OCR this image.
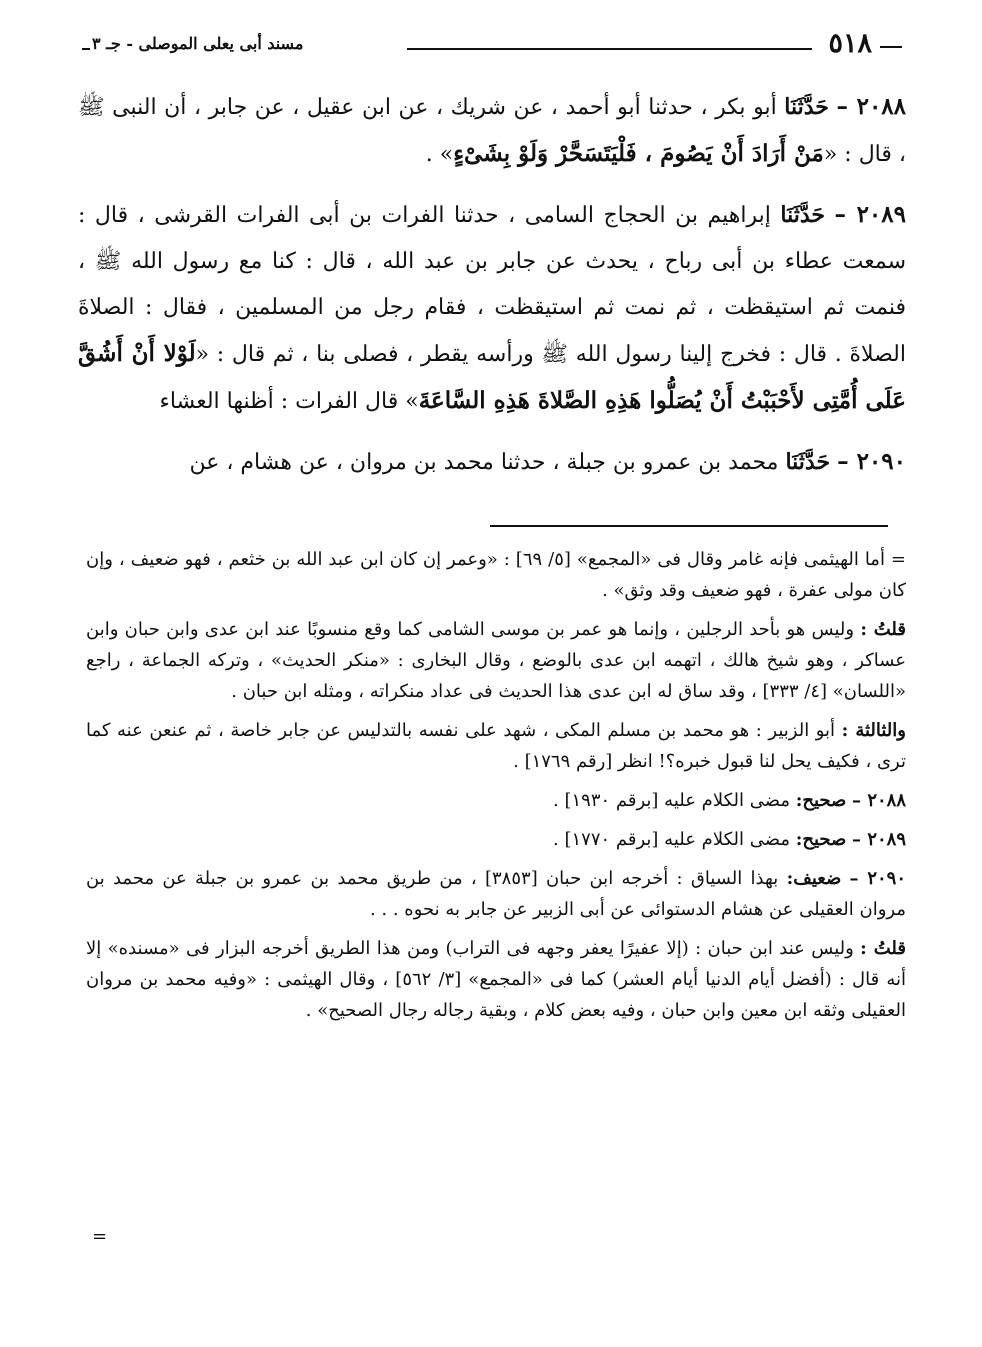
٥١٨
مسند أبى يعلى الموصلى - جـ ٣

٢٠٨٨ – حَدَّثَنَا أبو بكر ، حدثنا أبو أحمد ، عن شريك ، عن ابن عقيل ، عن جابر ، أن النبى ﷺ ، قال : «مَنْ أَرَادَ أَنْ يَصُومَ ، فَلْيَتَسَحَّرْ وَلَوْ بِشَىْءٍ» .

٢٠٨٩ – حَدَّثَنَا إبراهيم بن الحجاج السامى ، حدثنا الفرات بن أبى الفرات القرشى ، قال : سمعت عطاء بن أبى رباح ، يحدث عن جابر بن عبد الله ، قال : كنا مع رسول الله ﷺ ، فنمت ثم استيقظت ، ثم نمت ثم استيقظت ، فقام رجل من المسلمين ، فقال : الصلاةَ الصلاةَ . قال : فخرج إلينا رسول الله ﷺ ورأسه يقطر ، فصلى بنا ، ثم قال : «لَوْلا أَنْ أَشُقَّ عَلَى أُمَّتِى لأَحْبَبْتُ أَنْ يُصَلُّوا هَذِهِ الصَّلاةَ هَذِهِ السَّاعَةَ» قال الفرات : أظنها العشاء

٢٠٩٠ – حَدَّثَنَا محمد بن عمرو بن جبلة ، حدثنا محمد بن مروان ، عن هشام ، عن

= أما الهيثمى فإنه غامر وقال فى «المجمع» [٥/ ٦٩] : «وعمر إن كان ابن عبد الله بن خثعم ، فهو ضعيف ، وإن كان مولى عفرة ، فهو ضعيف وقد وثق» .

قلتُ : وليس هو بأحد الرجلين ، وإنما هو عمر بن موسى الشامى كما وقع منسوبًا عند ابن عدى وابن حبان وابن عساكر ، وهو شيخ هالك ، اتهمه ابن عدى بالوضع ، وقال البخارى : «منكر الحديث» ، وتركه الجماعة ، راجع «اللسان» [٤/ ٣٣٣] ، وقد ساق له ابن عدى هذا الحديث فى عداد منكراته ، ومثله ابن حبان .

والثالثة : أبو الزبير : هو محمد بن مسلم المكى ، شهد على نفسه بالتدليس عن جابر خاصة ، ثم عنعن عنه كما ترى ، فكيف يحل لنا قبول خبره؟! انظر [رقم ١٧٦٩] .

٢٠٨٨ – صحيح: مضى الكلام عليه [برقم ١٩٣٠] .

٢٠٨٩ – صحيح: مضى الكلام عليه [برقم ١٧٧٠] .

٢٠٩٠ – ضعيف: بهذا السياق : أخرجه ابن حبان [٣٨٥٣] ، من طريق محمد بن عمرو بن جبلة عن محمد بن مروان العقيلى عن هشام الدستوائى عن أبى الزبير عن جابر به نحوه . . .

قلتُ : وليس عند ابن حبان : (إلا عفيرًا يعفر وجهه فى التراب) ومن هذا الطريق أخرجه البزار فى «مسنده» إلا أنه قال : (أفضل أيام الدنيا أيام العشر) كما فى «المجمع» [٣/ ٥٦٢] ، وقال الهيثمى : «وفيه محمد بن مروان العقيلى وثقه ابن معين وابن حبان ، وفيه بعض كلام ، وبقية رجاله رجال الصحيح» .

=
